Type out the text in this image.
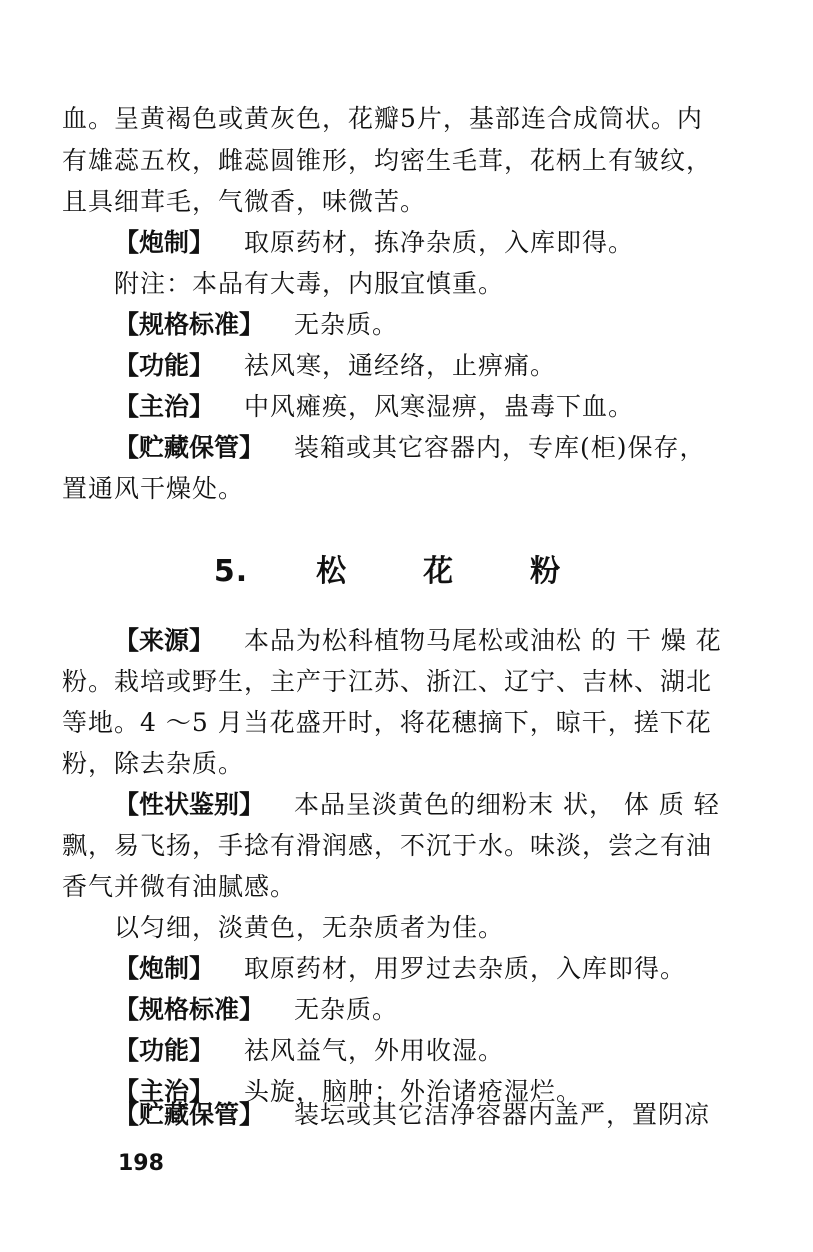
血。呈黄褐色或黄灰色，花瓣5片，基部连合成筒状。内
有雄蕊五枚，雌蕊圆锥形，均密生毛茸，花柄上有皱纹，
且具细茸毛，气微香，味微苦。
【炮制】 取原药材，拣净杂质，入库即得。
附注：本品有大毒，内服宜慎重。
【规格标准】 无杂质。
【功能】 祛风寒，通经络，止痹痛。
【主治】 中风瘫痪，风寒湿痹，蛊毒下血。
【贮藏保管】 装箱或其它容器内，专库(柜)保存，
置通风干燥处。
5. 松	花	粉
【来源】 本品为松科植物马尾松或油松 的 干 燥 花
粉。栽培或野生，主产于江苏、浙江、辽宁、吉林、湖北
等地。4 ～5 月当花盛开时，将花穗摘下，晾干，搓下花
粉，除去杂质。
【性状鉴别】 本品呈淡黄色的细粉末 状， 体 质 轻
飘，易飞扬，手捻有滑润感，不沉于水。味淡，尝之有油
香气并微有油腻感。
以匀细，淡黄色，无杂质者为佳。
【炮制】 取原药材，用罗过去杂质，入库即得。
【规格标准】 无杂质。
【功能】 祛风益气，外用收湿。
【主治】 头旋，脑肿；外治诸疮湿烂。
【贮藏保管】 装坛或其它洁净容器内盖严，置阴凉
198
